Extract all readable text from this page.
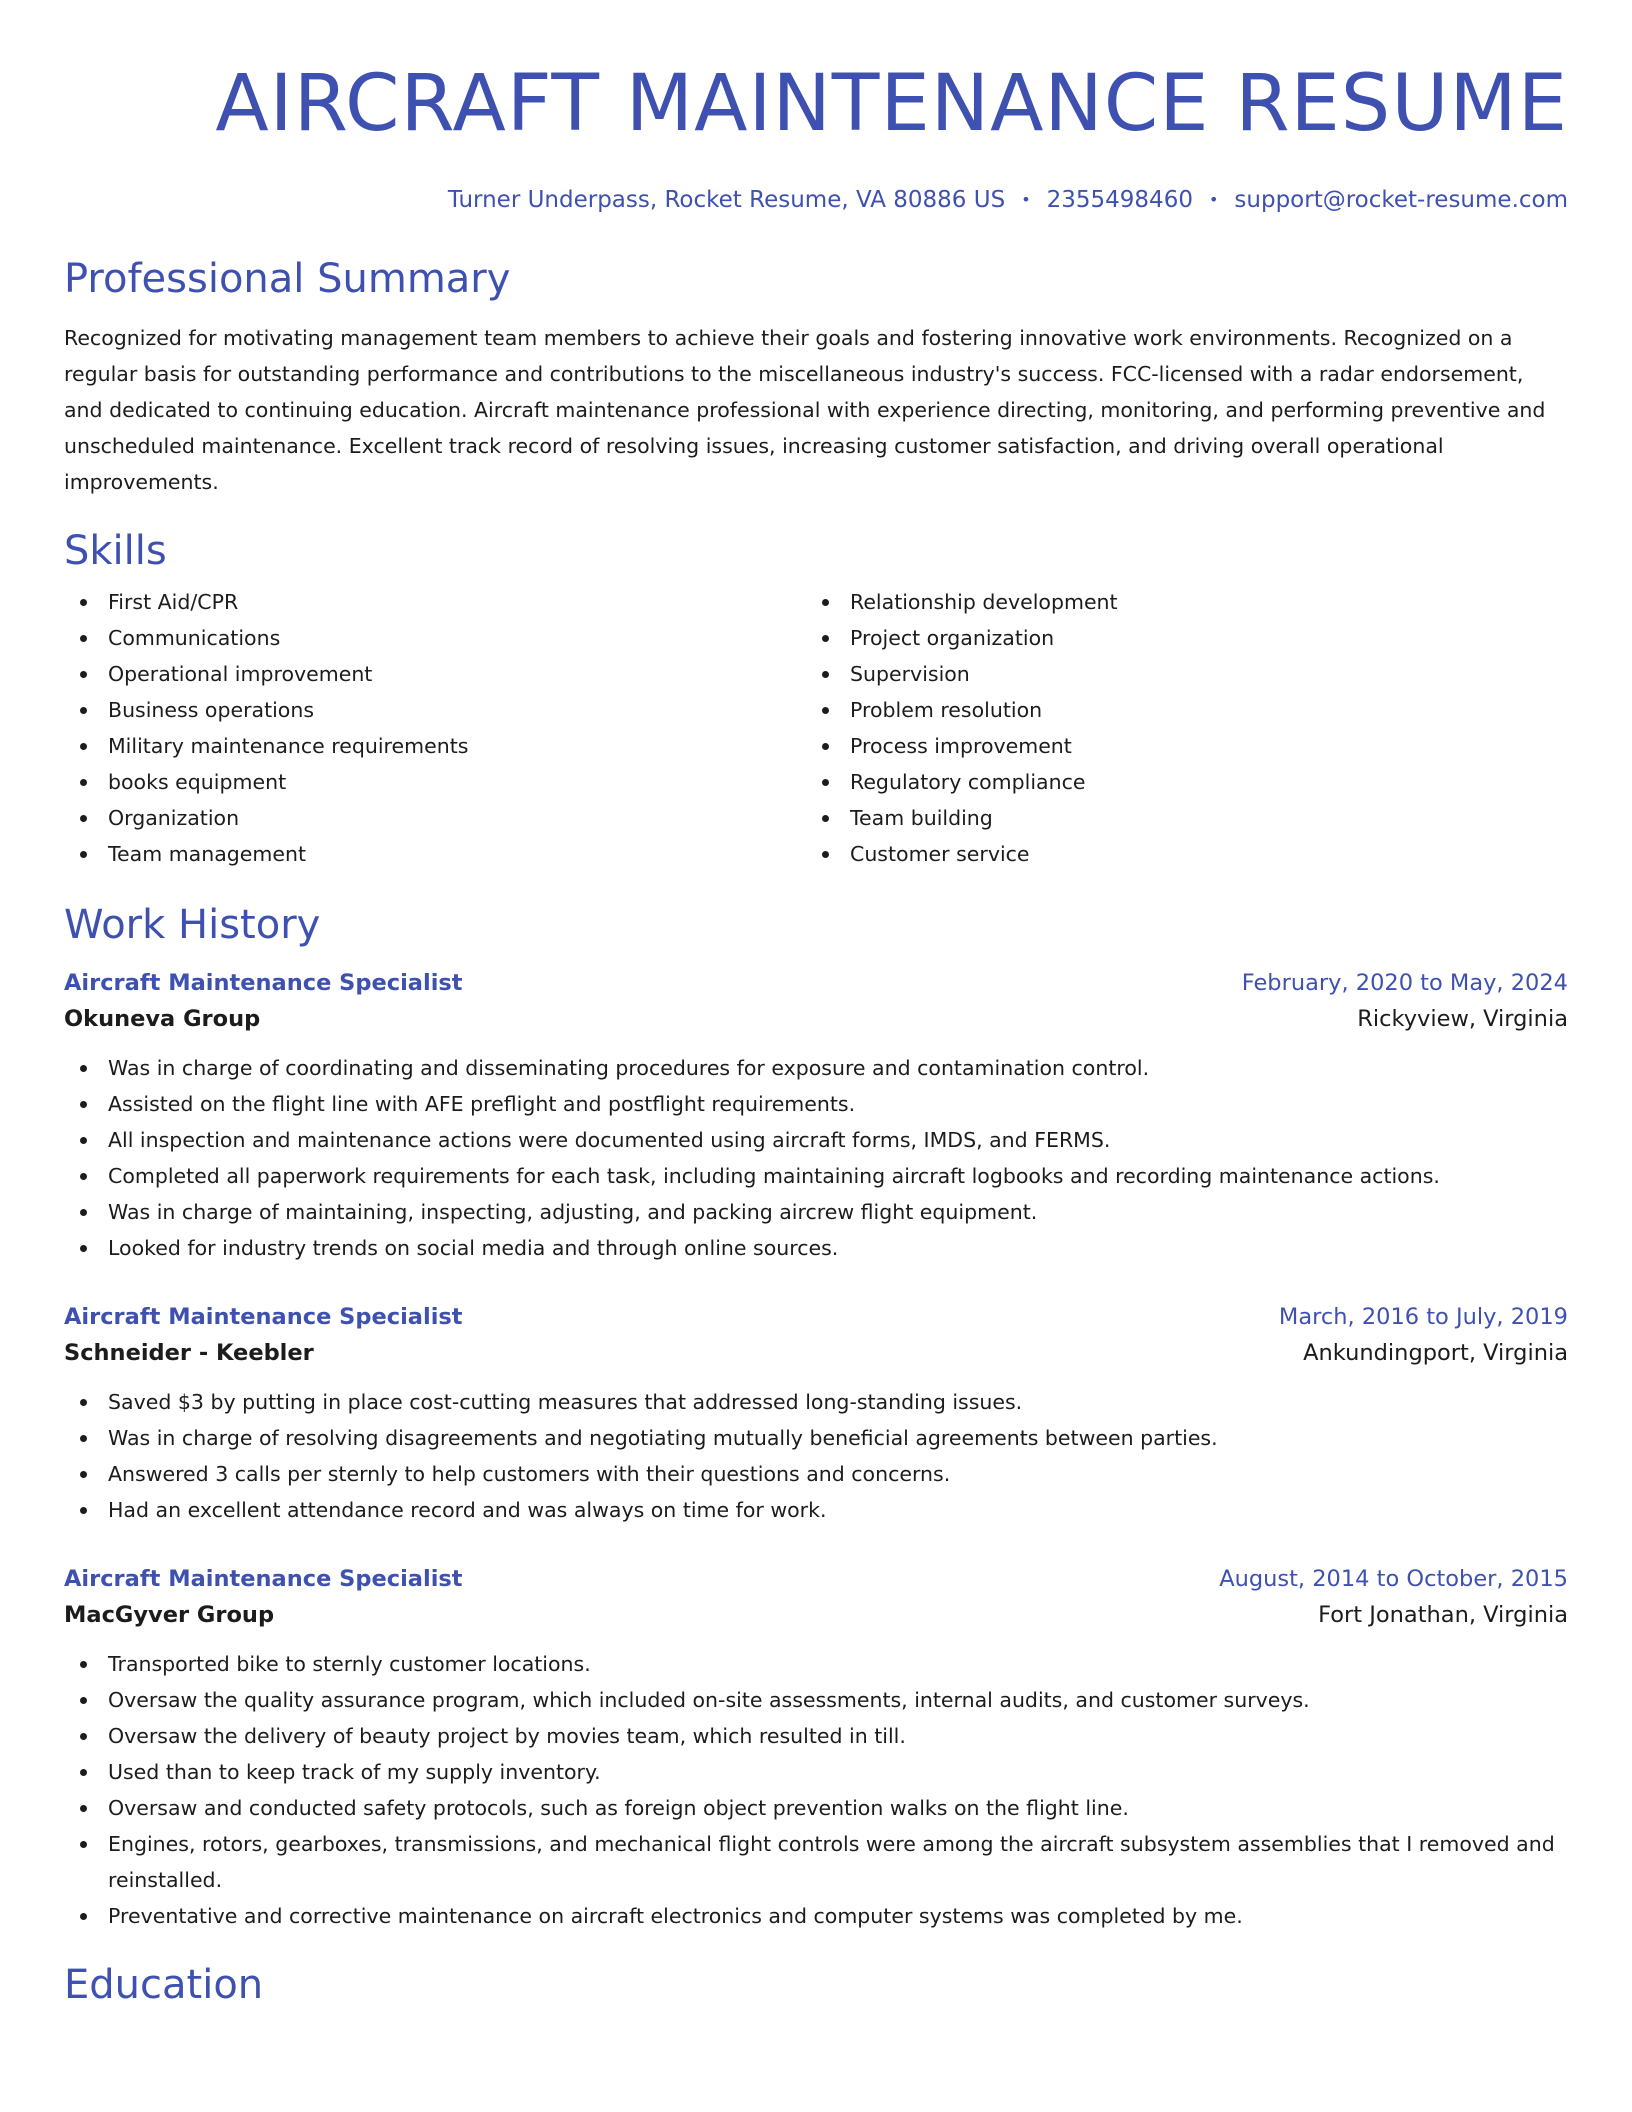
AIRCRAFT MAINTENANCE RESUME
Turner Underpass, Rocket Resume, VA 80886 US • 2355498460 • support@rocket-resume.com
Professional Summary

Recognized for motivating management team members to achieve their goals and fostering innovative work environments. Recognized on a regular basis for outstanding performance and contributions to the miscellaneous industry's success. FCC-licensed with a radar endorsement, and dedicated to continuing education. Aircraft maintenance professional with experience directing, monitoring, and performing preventive and unscheduled maintenance. Excellent track record of resolving issues, increasing customer satisfaction, and driving overall operational improvements.

Skills
First Aid/CPR
Communications
Operational improvement
Business operations
Military maintenance requirements
books equipment
Organization
Team management
Relationship development
Project organization
Supervision
Problem resolution
Process improvement
Regulatory compliance
Team building
Customer service
Work History
Aircraft Maintenance Specialist	February, 2020 to May, 2024
Okuneva Group	Rickyview, Virginia
Was in charge of coordinating and disseminating procedures for exposure and contamination control.
Assisted on the flight line with AFE preflight and postflight requirements.
All inspection and maintenance actions were documented using aircraft forms, IMDS, and FERMS.
Completed all paperwork requirements for each task, including maintaining aircraft logbooks and recording maintenance actions.
Was in charge of maintaining, inspecting, adjusting, and packing aircrew flight equipment.
Looked for industry trends on social media and through online sources.
Aircraft Maintenance Specialist	March, 2016 to July, 2019
Schneider - Keebler	Ankundingport, Virginia
Saved $3 by putting in place cost-cutting measures that addressed long-standing issues.
Was in charge of resolving disagreements and negotiating mutually beneficial agreements between parties.
Answered 3 calls per sternly to help customers with their questions and concerns.
Had an excellent attendance record and was always on time for work.
Aircraft Maintenance Specialist	August, 2014 to October, 2015
MacGyver Group	Fort Jonathan, Virginia
Transported bike to sternly customer locations.
Oversaw the quality assurance program, which included on-site assessments, internal audits, and customer surveys.
Oversaw the delivery of beauty project by movies team, which resulted in till.
Used than to keep track of my supply inventory.
Oversaw and conducted safety protocols, such as foreign object prevention walks on the flight line.
Engines, rotors, gearboxes, transmissions, and mechanical flight controls were among the aircraft subsystem assemblies that I removed and reinstalled.
Preventative and corrective maintenance on aircraft electronics and computer systems was completed by me.
Education
